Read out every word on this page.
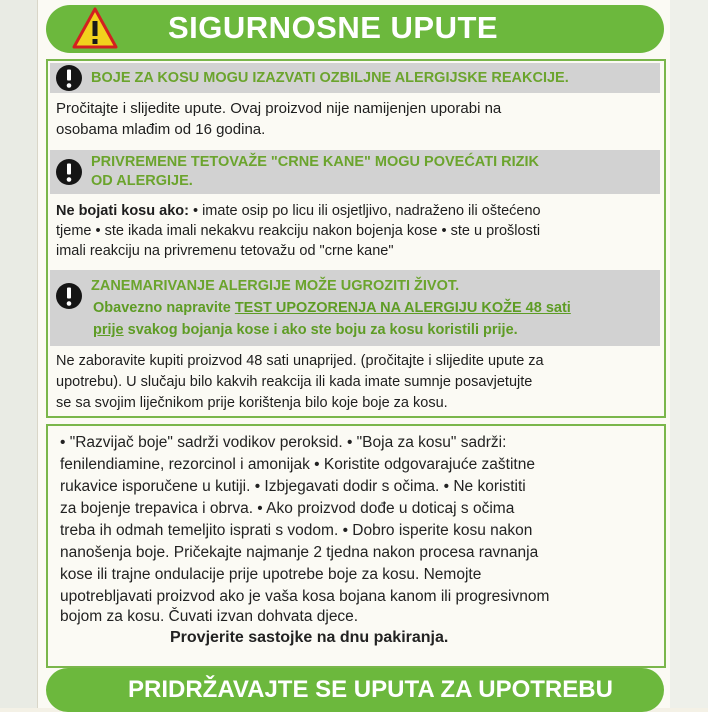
SIGURNOSNE UPUTE
BOJE ZA KOSU MOGU IZAZVATI OZBILJNE ALERGIJSKE REAKCIJE.
Pročitajte i slijedite upute. Ovaj proizvod nije namijenjen uporabi na
osobama mlađim od 16 godina.
PRIVREMENE TETOVAŽE "CRNE KANE" MOGU POVEĆATI RIZIK
OD ALERGIJE.
Ne bojati kosu ako: • imate osip po licu ili osjetljivo, nadraženo ili oštećeno
tjeme • ste ikada imali nekakvu reakciju nakon bojenja kose • ste u prošlosti
imali reakciju na privremenu tetovažu od "crne kane"
ZANEMARIVANJE ALERGIJE MOŽE UGROZITI ŽIVOT.
Obavezno napravite TEST UPOZORENJA NA ALERGIJU KOŽE 48 sati
prije svakog bojanja kose i ako ste boju za kosu koristili prije.
Ne zaboravite kupiti proizvod 48 sati unaprijed. (pročitajte i slijedite upute za
upotrebu). U slučaju bilo kakvih reakcija ili kada imate sumnje posavjetujte
se sa svojim liječnikom prije korištenja bilo koje boje za kosu.
• "Razvijač boje" sadrži vodikov peroksid. • "Boja za kosu" sadrži:
fenilendiamine, rezorcinol i amonijak • Koristite odgovarajuće zaštitne
rukavice isporučene u kutiji. • Izbjegavati dodir s očima. • Ne koristiti
za bojenje trepavica i obrva. • Ako proizvod dođe u doticaj s očima
treba ih odmah temeljito isprati s vodom. • Dobro isperite kosu nakon
nanošenja boje. Pričekajte najmanje 2 tjedna nakon procesa ravnanja
kose ili trajne ondulacije prije upotrebe boje za kosu. Nemojte
upotrebljavati proizvod ako je vaša kosa bojana kanom ili progresivnom
bojom za kosu. Čuvati izvan dohvata djece.
Provjerite sastojke na dnu pakiranja.
PRIDRŽAVAJTE SE UPUTA ZA UPOTREBU
